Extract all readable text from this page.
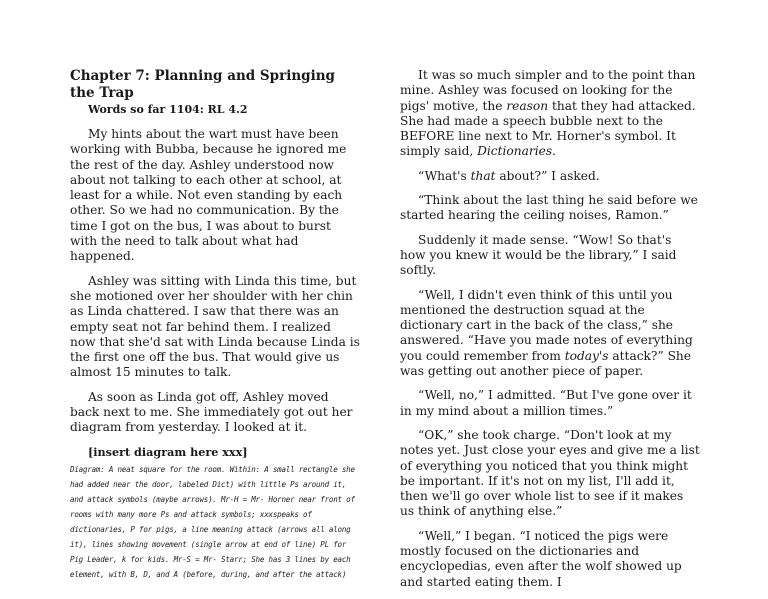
Chapter 7: Planning and Springing the Trap
Words so far 1104: RL 4.2

My hints about the wart must have been working with Bubba, because he ignored me the rest of the day. Ashley understood now about not talking to each other at school, at least for a while. Not even standing by each other. So we had no communication. By the time I got on the bus, I was about to burst with the need to talk about what had happened.

Ashley was sitting with Linda this time, but she motioned over her shoulder with her chin as Linda chattered. I saw that there was an empty seat not far behind them. I realized now that she'd sat with Linda because Linda is the first one off the bus. That would give us almost 15 minutes to talk.

As soon as Linda got off, Ashley moved back next to me. She immediately got out her diagram from yesterday. I looked at it.

[insert diagram here xxx]
Diagram: A neat square for the room. Within: A small rectangle she had added near the door, labeled Dict) with little Ps around it, and attack symbols (maybe arrows). Mr-H = Mr- Horner near front of rooms with many more Ps and attack symbols; xxxspeaks of dictionaries, P for pigs, a line meaning attack (arrows all along it), lines showing movement (single arrow at end of line) PL for Pig Leader, k for kids. Mr-S = Mr- Starr; She has 3 lines by each element, with B, D, and A (before, during, and after the attack)

It was so much simpler and to the point than mine. Ashley was focused on looking for the pigs' motive, the reason that they had attacked. She had made a speech bubble next to the BEFORE line next to Mr. Horner's symbol. It simply said, Dictionaries.

“What's that about?” I asked.

“Think about the last thing he said before we started hearing the ceiling noises, Ramon.”

Suddenly it made sense. “Wow! So that's how you knew it would be the library,” I said softly.

“Well, I didn't even think of this until you mentioned the destruction squad at the dictionary cart in the back of the class,” she answered. “Have you made notes of everything you could remember from today's attack?” She was getting out another piece of paper.

“Well, no,” I admitted. “But I've gone over it in my mind about a million times.”

“OK,” she took charge. “Don't look at my notes yet. Just close your eyes and give me a list of everything you noticed that you think might be important. If it's not on my list, I'll add it, then we'll go over whole list to see if it makes us think of anything else.”

“Well,” I began. “I noticed the pigs were mostly focused on the dictionaries and encyclopedias, even after the wolf showed up and started eating them. I
